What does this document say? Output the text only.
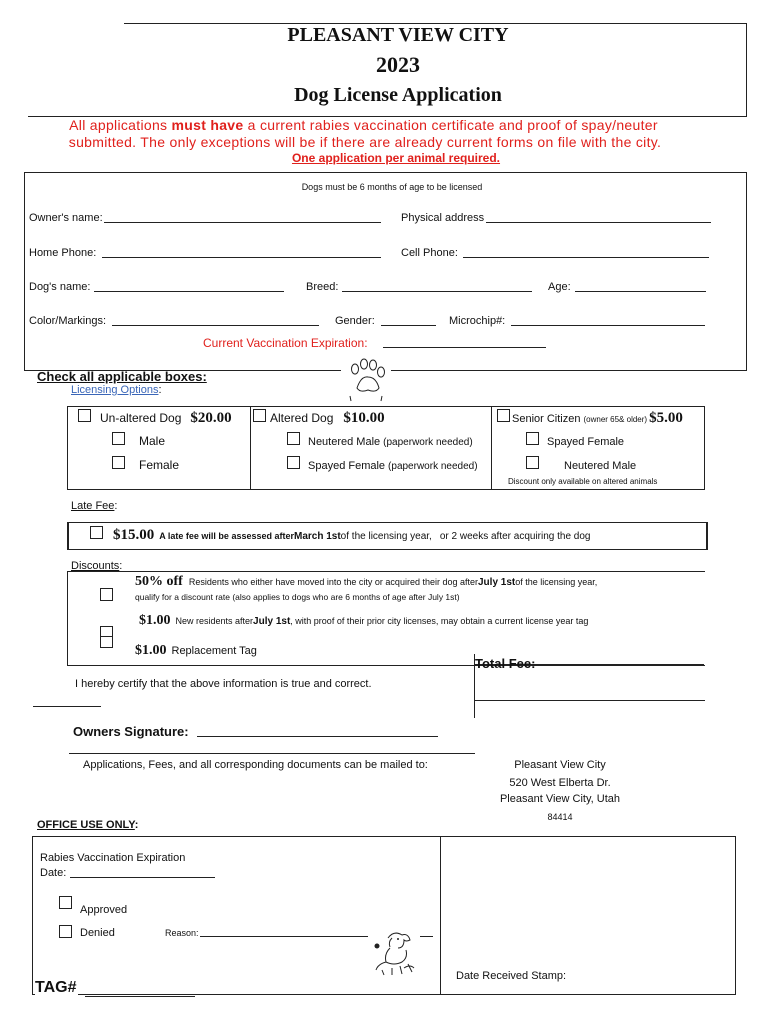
PLEASANT VIEW CITY
2023
Dog License Application
All applications must have a current rabies vaccination certificate and proof of spay/neuter
submitted. The only exceptions will be if there are already current forms on file with the city.
One application per animal required.
Dogs must be 6 months of age to be licensed
Owner's name:	Physical address
Home Phone:	Cell Phone:
Dog's name:	Breed:	Age:
Color/Markings:	Gender:	Microchip#:
Current Vaccination Expiration:
Check all applicable boxes:
Licensing Options:
Un-altered Dog $20.00
Male
Female
Altered Dog $10.00
Neutered Male (paperwork needed)
Spayed Female (paperwork needed)
Senior Citizen (owner 65& older) $5.00
Spayed Female
Neutered Male
Discount only available on altered animals
Late Fee:
$15.00 A late fee will be assessed after March 1st of the licensing year, or 2 weeks after acquiring the dog
Discounts:
50% off Residents who either have moved into the city or acquired their dog after July 1st of the licensing year,
qualify for a discount rate (also applies to dogs who are 6 months of age after July 1st)
$1.00 New residents after July 1st , with proof of their prior city licenses, may obtain a current license year tag
$1.00 Replacement Tag
Total Fee:
I hereby certify that the above information is true and correct.
Owners Signature:
Applications, Fees, and all corresponding documents can be mailed to:	Pleasant View City
520 West Elberta Dr.
Pleasant View City, Utah
84414
OFFICE USE ONLY:
Rabies Vaccination Expiration
Date:
Approved
Denied	Reason:
Date Received Stamp:
TAG#
